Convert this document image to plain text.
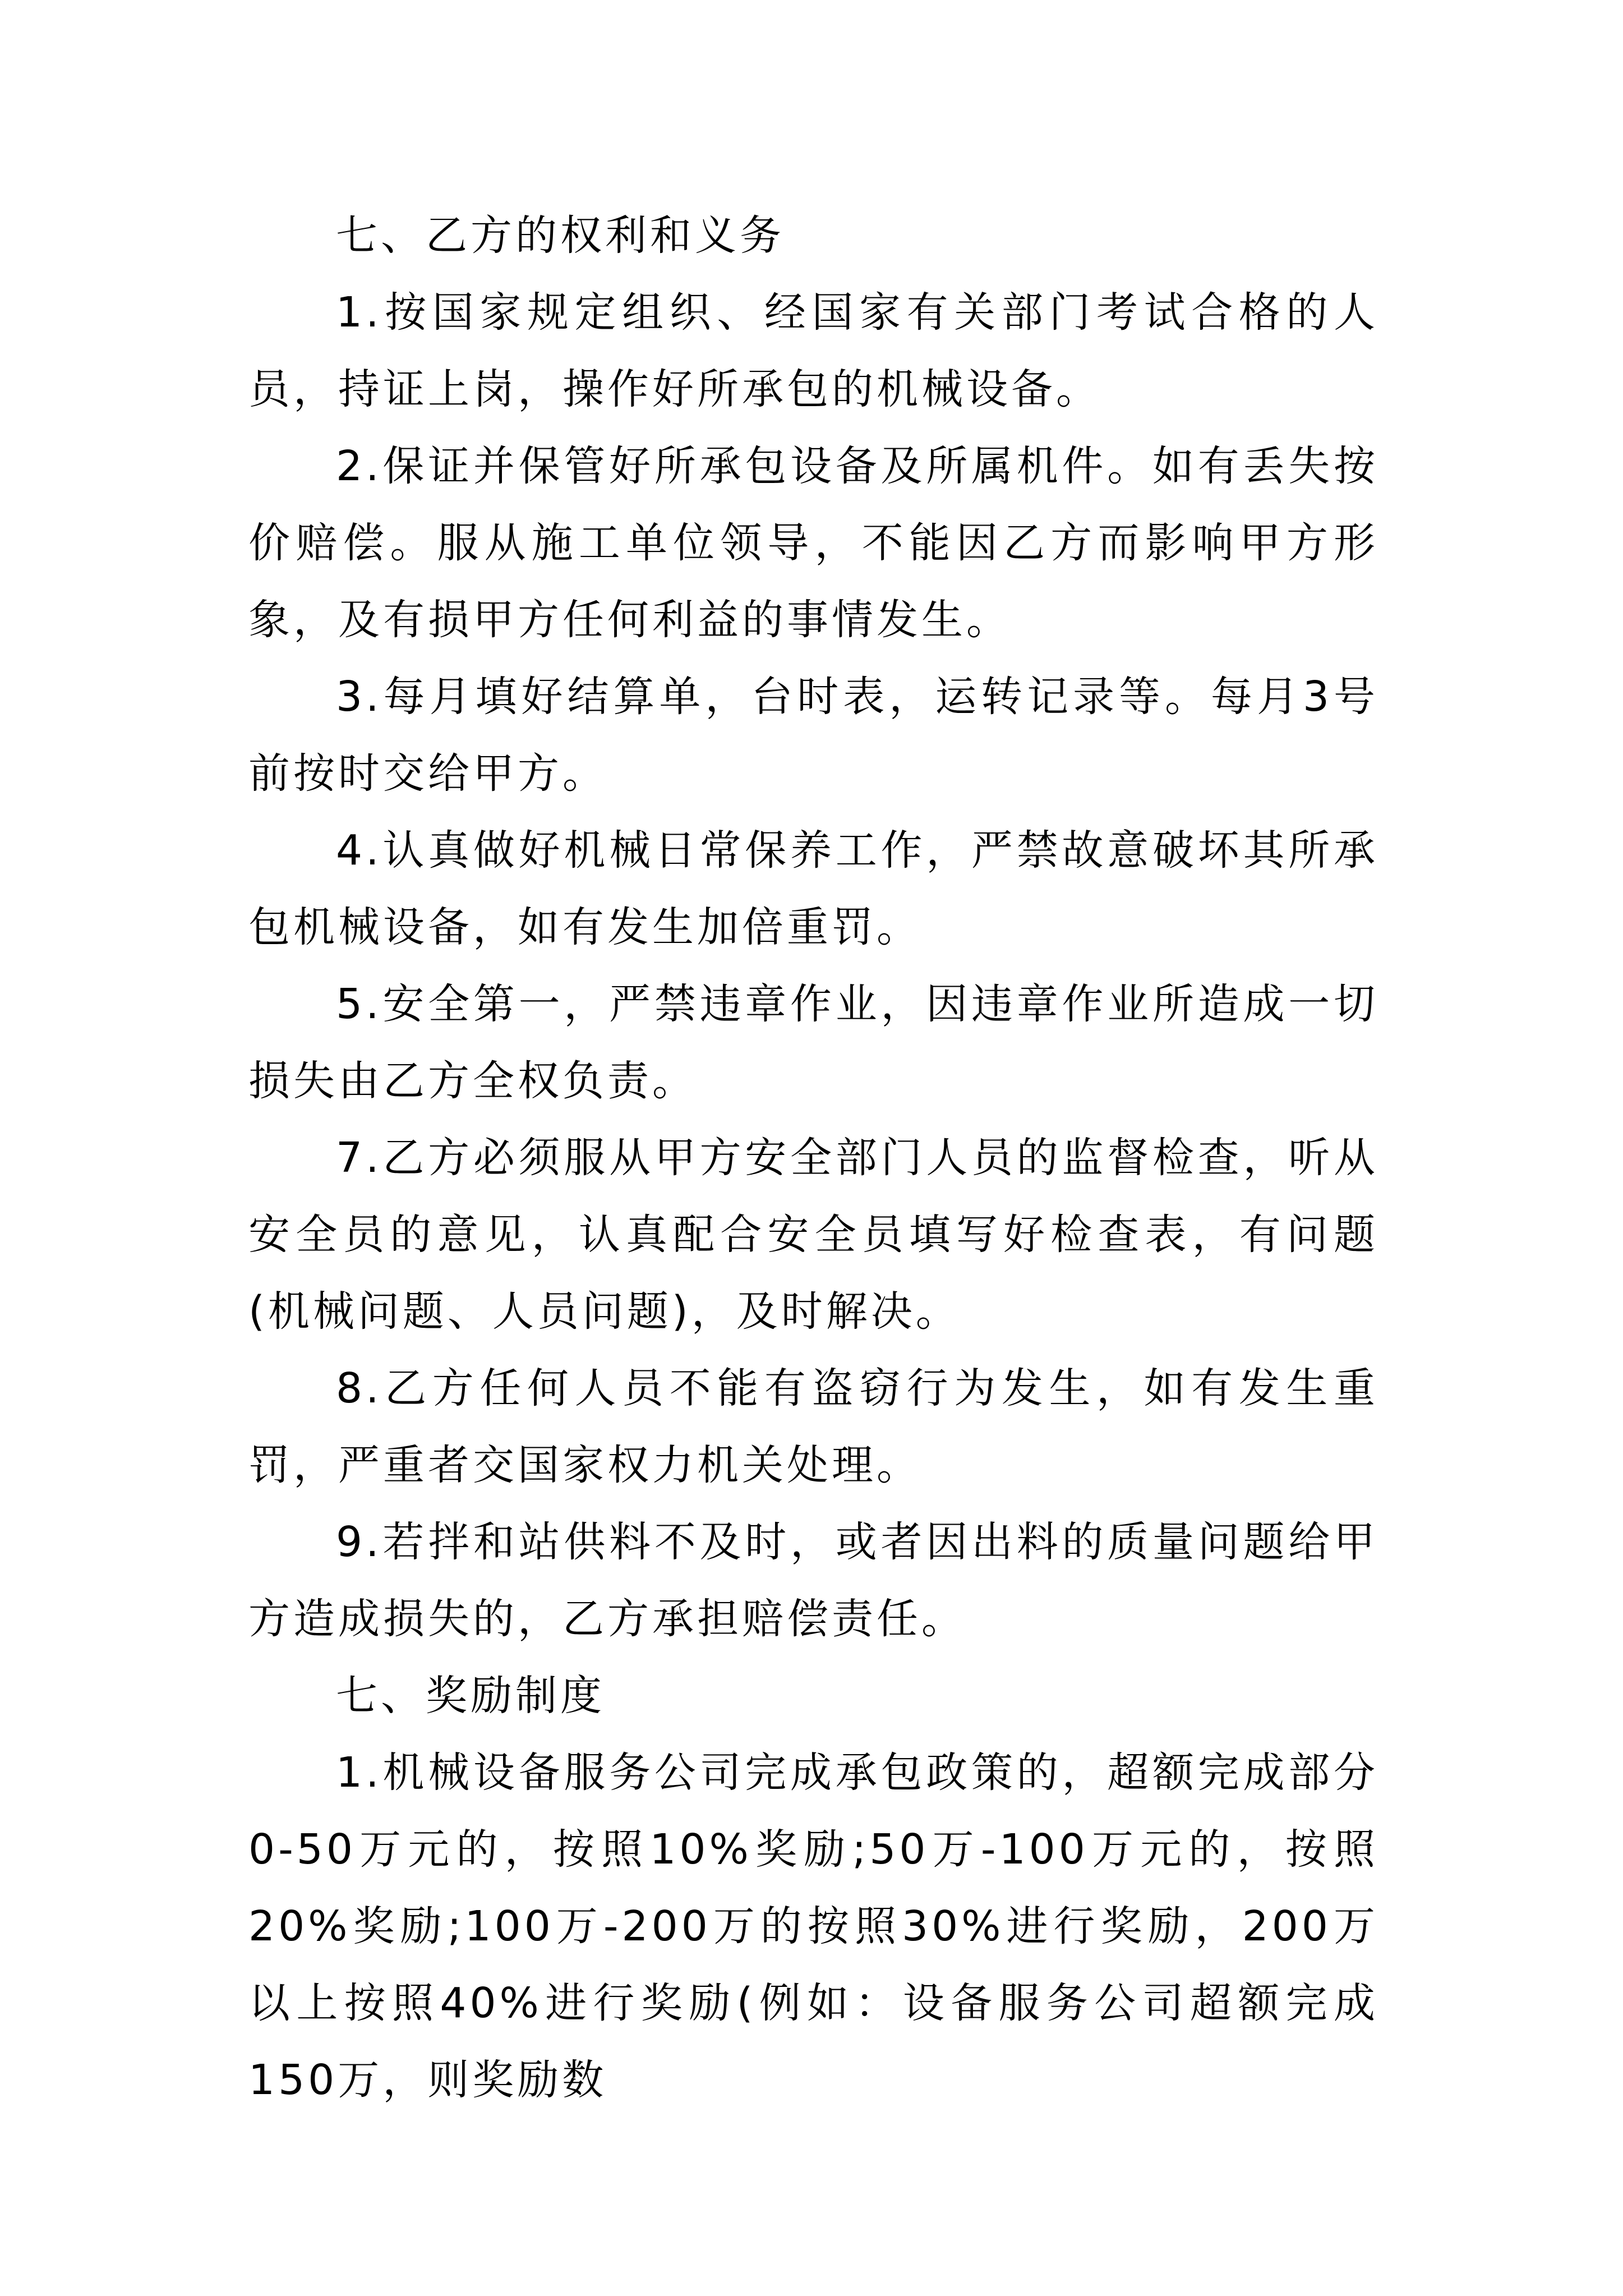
七、乙方的权利和义务

1.按国家规定组织、经国家有关部门考试合格的人员，持证上岗，操作好所承包的机械设备。

2.保证并保管好所承包设备及所属机件。如有丢失按价赔偿。服从施工单位领导，不能因乙方而影响甲方形象，及有损甲方任何利益的事情发生。

3.每月填好结算单，台时表，运转记录等。每月3号前按时交给甲方。

4.认真做好机械日常保养工作，严禁故意破坏其所承包机械设备，如有发生加倍重罚。

5.安全第一，严禁违章作业，因违章作业所造成一切损失由乙方全权负责。

7.乙方必须服从甲方安全部门人员的监督检查，听从安全员的意见，认真配合安全员填写好检查表，有问题(机械问题、人员问题)，及时解决。

8.乙方任何人员不能有盗窃行为发生，如有发生重罚，严重者交国家权力机关处理。

9.若拌和站供料不及时，或者因出料的质量问题给甲方造成损失的，乙方承担赔偿责任。

七、奖励制度

1.机械设备服务公司完成承包政策的，超额完成部分0-50万元的，按照10%奖励;50万-100万元的，按照20%奖励;100万-200万的按照30%进行奖励，200万以上按照40%进行奖励(例如：设备服务公司超额完成150万，则奖励数
